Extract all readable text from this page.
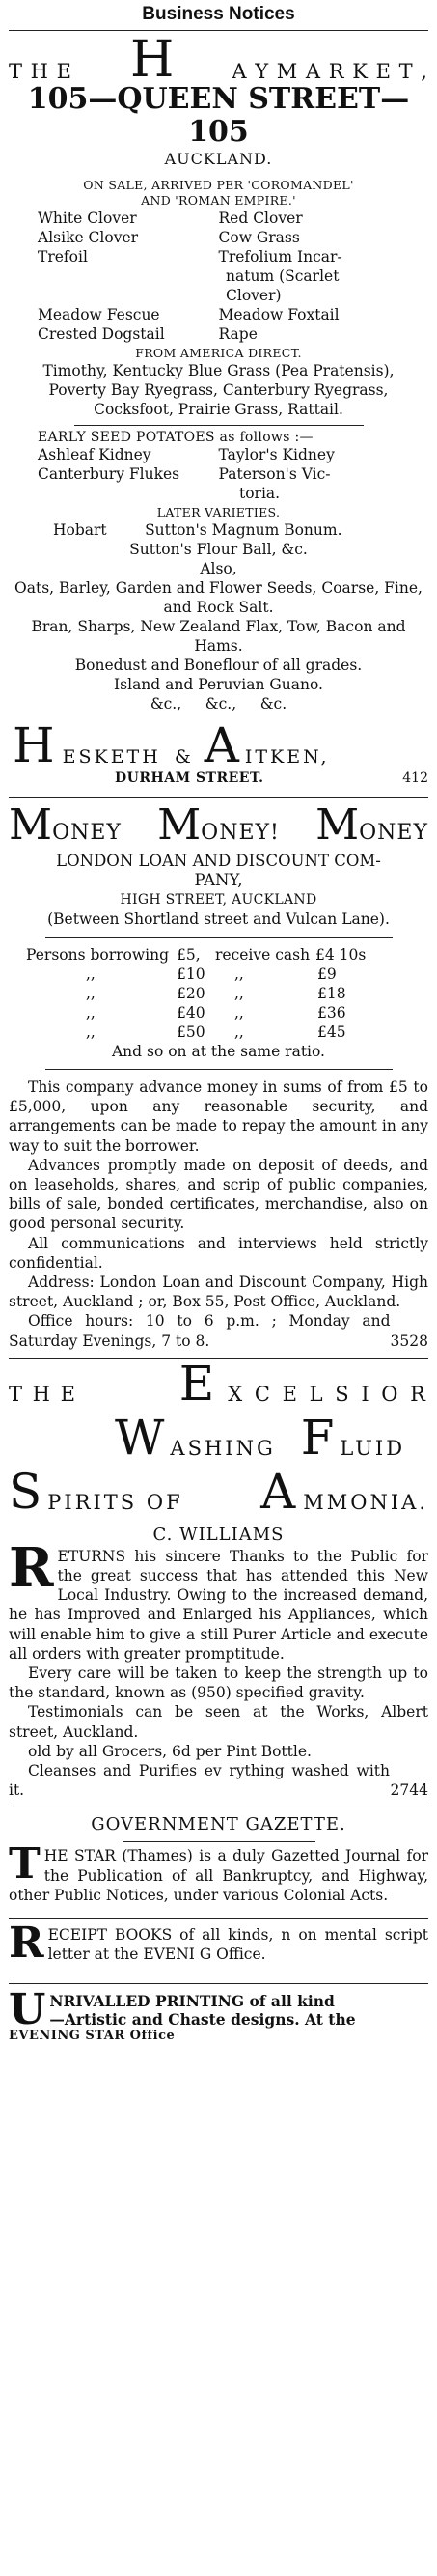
Business Notices
T H E H	A Y M A R K E T ,
105—QUEEN STREET—105
AUCKLAND.
ON SALE, ARRIVED PER 'COROMANDEL'
AND 'ROMAN EMPIRE.'
White Clover	Red Clover
Alsike Clover	Cow Grass
Trefoil	Trefolium Incar-
natum (Scarlet
Clover)
Meadow Fescue	Meadow Foxtail
Crested Dogstail	Rape
FROM AMERICA DIRECT.

Timothy, Kentucky Blue Grass (Pea Pratensis), Poverty Bay Ryegrass, Canterbury Ryegrass, Cocksfoot, Prairie Grass, Rattail.

EARLY SEED POTATOES as follows :—
Ashleaf Kidney	Taylor's Kidney
Canterbury Flukes	Paterson's Vic-
toria.
LATER VARIETIES.
Hobart        Sutton's Magnum Bonum.
Sutton's Flour Ball, &c.
Also,

Oats, Barley, Garden and Flower Seeds, Coarse, Fine, and Rock Salt.

Bran, Sharps, New Zealand Flax, Tow, Bacon and Hams.

Bonedust and Boneflour of all grades.
Island and Peruvian Guano.
&c.,     &c.,     &c.
H ESKETH & A ITKEN,
DURHAM STREET.	412
MONEY MONEY! MONEY
LONDON LOAN AND DISCOUNT COM-
PANY,
HIGH STREET, AUCKLAND
(Between Shortland street and Vulcan Lane).
Persons borrowing £5, receive cash £4 10s
,,	£10	,,	£9
,,	£20	,,	£18
,,	£40	,,	£36
,,	£50	,,	£45
And so on at the same ratio.

This company advance money in sums of from £5 to £5,000, upon any reasonable security, and arrangements can be made to repay the amount in any way to suit the borrower.

Advances promptly made on deposit of deeds, and on leaseholds, shares, and scrip of public companies, bills of sale, bonded certificates, merchandise, also on good personal security.

All communications and interviews held strictly confidential.

Address: London Loan and Discount Company, High street, Auckland ; or, Box 55, Post Office, Auckland.

Office hours: 10 to 6 p.m. ; Monday and Saturday Evenings, 7 to 8.	3528
T H E E X C E L S I O R
W ASHING F LUID
S PIRITS OF A MMONIA.
C. WILLIAMS

R ETURNS his sincere Thanks to the Public for the great success that has attended this New Local Industry. Owing to the increased demand, he has Improved and Enlarged his Appliances, which will enable him to give a still Purer Article and execute all orders with greater promptitude.

Every care will be taken to keep the strength up to the standard, known as (950) specified gravity.

Testimonials can be seen at the Works, Albert street, Auckland.

old by all Grocers, 6d per Pint Bottle.

Cleanses and Purifies ev rything washed with it.	2744
GOVERNMENT GAZETTE.

T HE STAR (Thames) is a duly Gazetted Journal for the Publication of all Bankruptcy, and Highway, other Public Notices, under various Colonial Acts.

R ECEIPT BOOKS of all kinds, n on mental script letter at the EVENI G Office.

U NRIVALLED PRINTING of all kind
—Artistic and Chaste designs. At the
EVENING STAR Office
